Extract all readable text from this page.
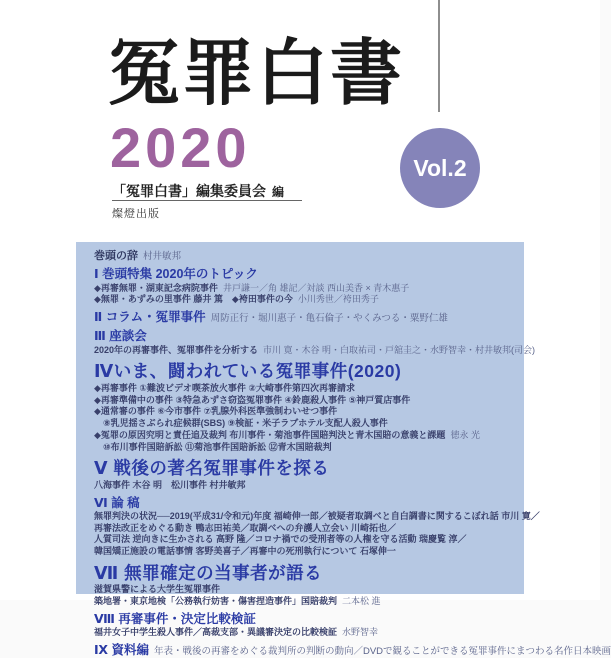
冤罪白書
2020	Vol.2
「冤罪白書」編集委員会 編
燦燈出版
巻頭の辞 村井敏邦
Ⅰ 巻頭特集 2020年のトピック
◆再審無罪・湖東記念病院事件 井戸謙一／角 雄記／対談 西山美香 × 青木惠子
◆無罪・あずみの里事件 藤井 篤　◆袴田事件の今 小川秀世／袴田秀子
Ⅱ コラム・冤罪事件 周防正行・堀川惠子・亀石倫子・やくみつる・粟野仁雄
Ⅲ 座談会
2020年の再審事件、冤罪事件を分析する 市川 寛・木谷 明・白取祐司・戸舘圭之・水野智幸・村井敏邦(司会)
Ⅳいま、闘われている冤罪事件(2020)
◆再審事件 ①難波ビデオ喫茶放火事件 ②大崎事件第四次再審請求
◆再審準備中の事件 ③特急あずさ窃盗冤罪事件 ④鈴鹿殺人事件 ⑤神戸質店事件
◆通常審の事件 ⑥今市事件 ⑦乳腺外科医準強制わいせつ事件
⑧乳児揺さぶられ症候群(SBS) ⑨検証・米子ラブホテル支配人殺人事件
◆冤罪の原因究明と責任追及裁判 布川事件・菊池事件国賠判決と青木国賠の意義と課題 徳永 光
⑩布川事件国賠訴訟 ⑪菊池事件国賠訴訟 ⑫青木国賠裁判
Ⅴ 戦後の著名冤罪事件を探る
八海事件 木谷 明　松川事件 村井敏邦
Ⅵ 論 稿
無罪判決の状況──2019(平成31/令和元)年度 福崎伸一郎／被疑者取調べと自白調書に関するこぼれ話 市川 寛／
再審法改正をめぐる動き 鴨志田祐美／取調べへの弁護人立会い 川崎拓也／
人質司法 逆向きに生かされる 高野 隆／コロナ禍での受刑者等の人権を守る活動 瑞慶覧 淳／
韓国矯正施設の電話事情 客野美喜子／再審中の死刑執行について 石塚伸一
Ⅶ 無罪確定の当事者が語る
滋賀県警による大学生冤罪事件
築地署・東京地検「公務執行妨害・傷害捏造事件」国賠裁判 二本松 進
Ⅷ 再審事件・決定比較検証
福井女子中学生殺人事件／高裁支部・異議審決定の比較検証 水野智幸
Ⅸ 資料編 年表・戦後の再審をめぐる裁判所の判断の動向／DVDで観ることができる冤罪事件にまつわる名作日本映画
